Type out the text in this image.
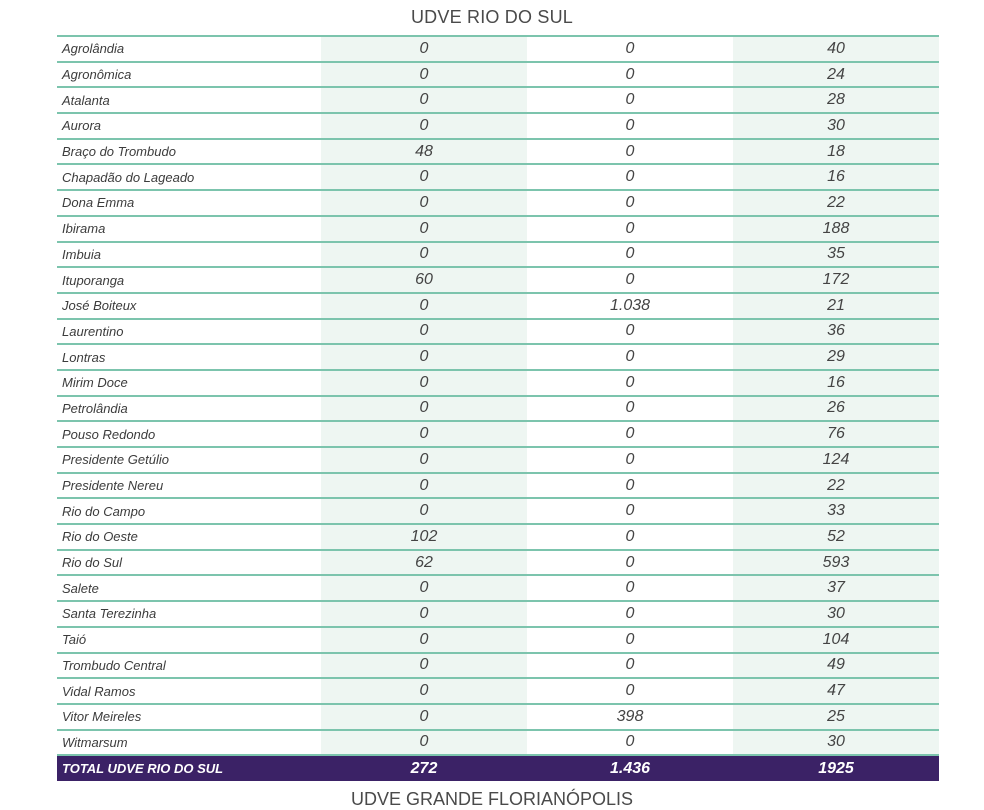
UDVE RIO DO SUL
Agrolândia	0	0	40
Agronômica	0	0	24
Atalanta	0	0	28
Aurora	0	0	30
Braço do Trombudo	48	0	18
Chapadão do Lageado	0	0	16
Dona Emma	0	0	22
Ibirama	0	0	188
Imbuia	0	0	35
Ituporanga	60	0	172
José Boiteux	0	1.038	21
Laurentino	0	0	36
Lontras	0	0	29
Mirim Doce	0	0	16
Petrolândia	0	0	26
Pouso Redondo	0	0	76
Presidente Getúlio	0	0	124
Presidente Nereu	0	0	22
Rio do Campo	0	0	33
Rio do Oeste	102	0	52
Rio do Sul	62	0	593
Salete	0	0	37
Santa Terezinha	0	0	30
Taió	0	0	104
Trombudo Central	0	0	49
Vidal Ramos	0	0	47
Vitor Meireles	0	398	25
Witmarsum	0	0	30
TOTAL UDVE RIO DO SUL	272	1.436	1925
UDVE GRANDE FLORIANÓPOLIS
